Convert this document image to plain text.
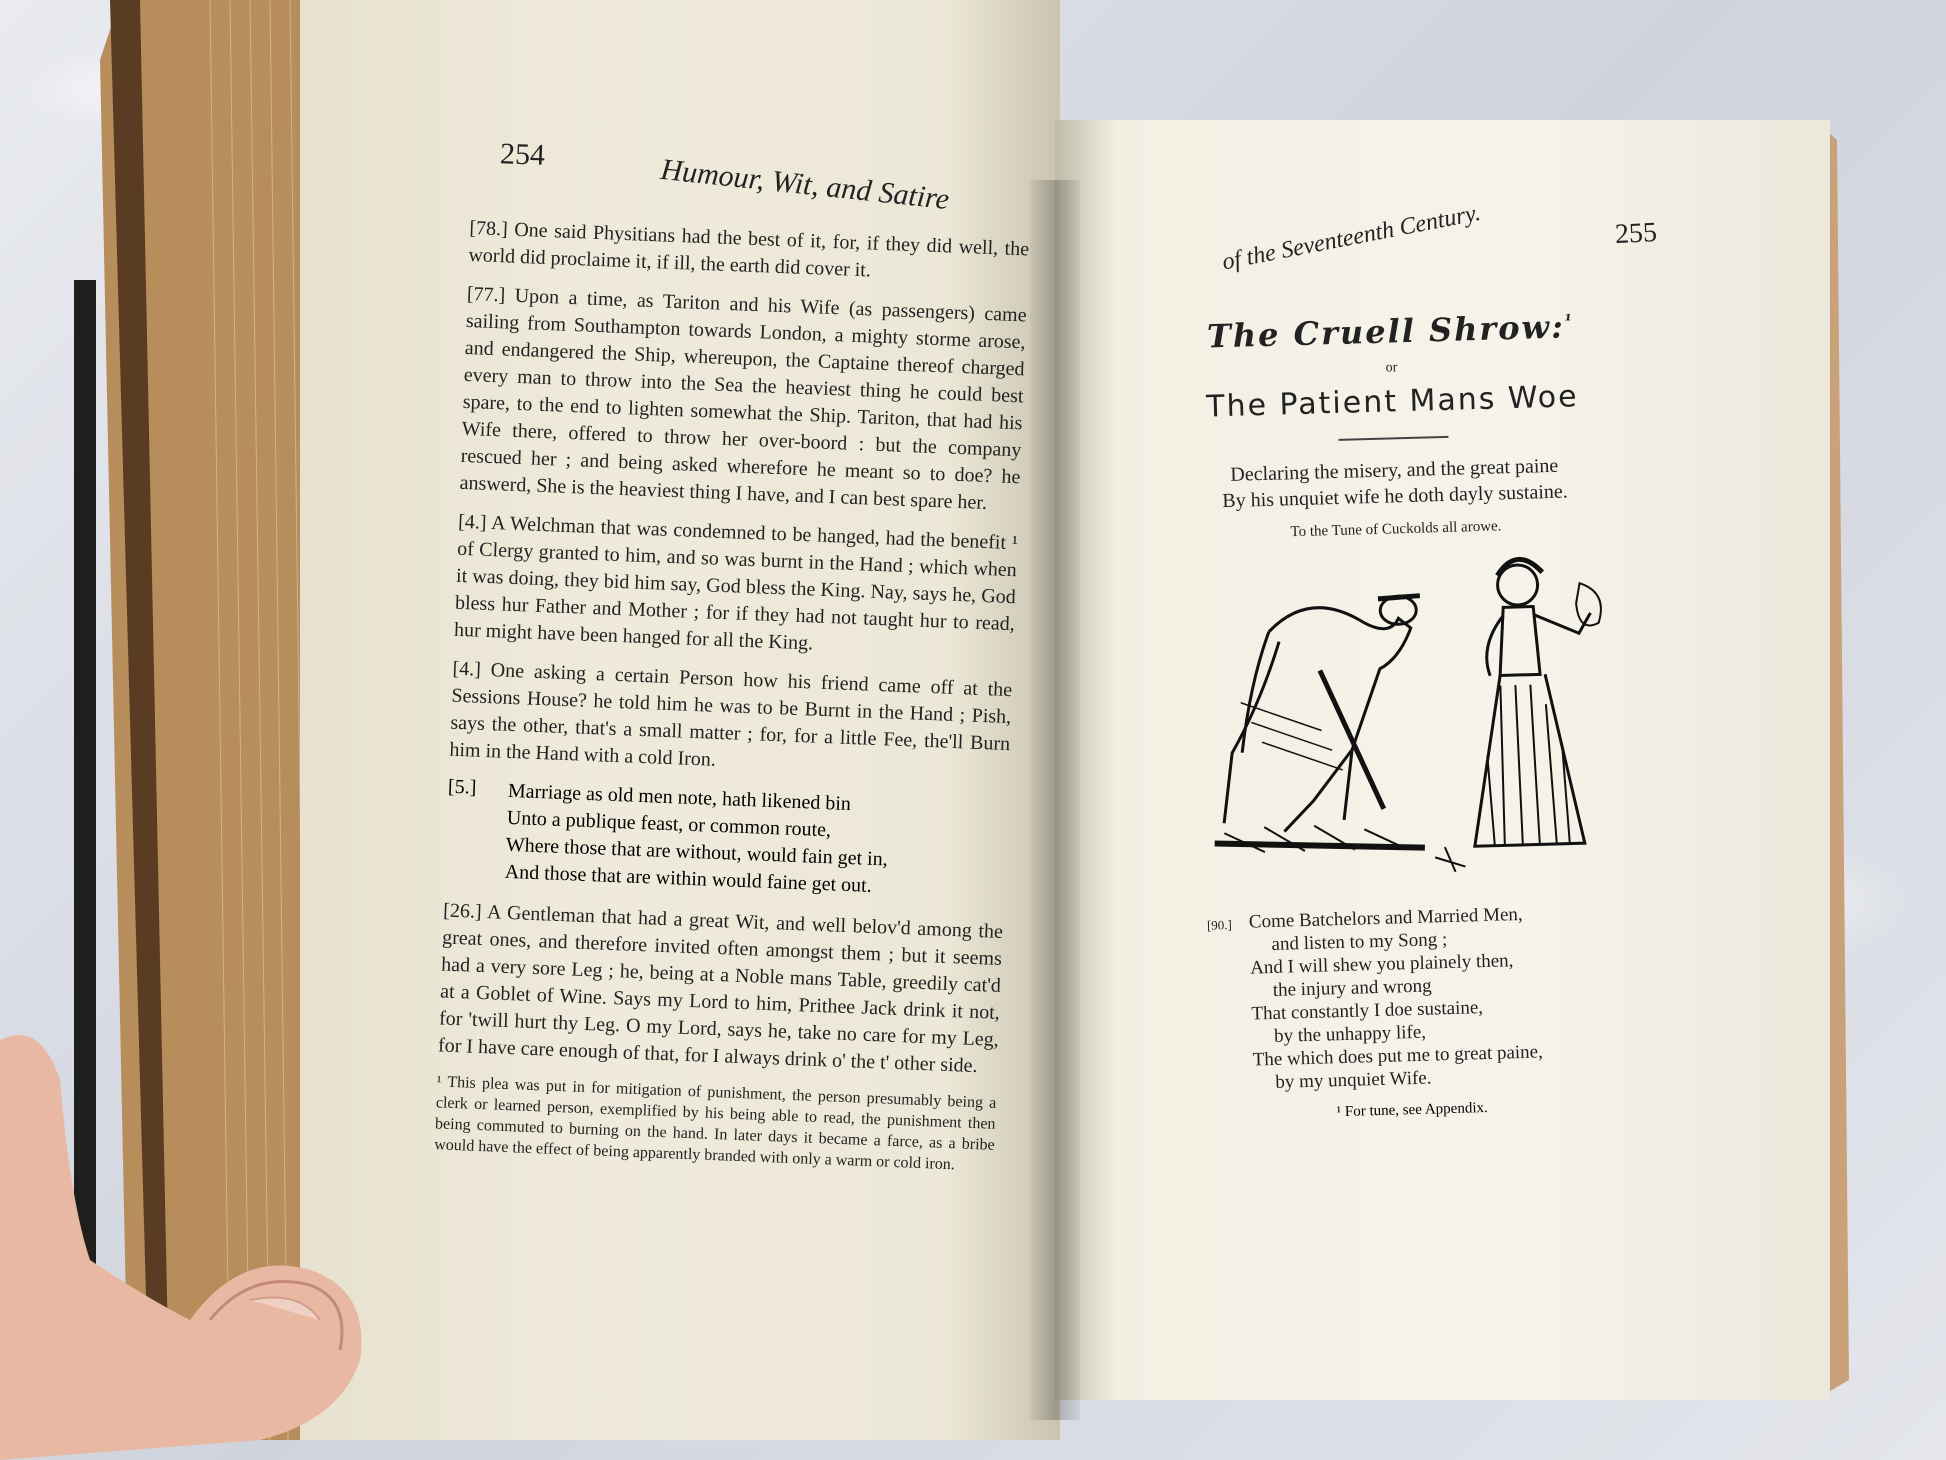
254	Humour, Wit, and Satire

[78.] One said Physitians had the best of it, for, if they did well, the world did proclaime it, if ill, the earth did cover it.

[77.] Upon a time, as Tariton and his Wife (as passengers) came sailing from Southampton towards London, a mighty storme arose, and endangered the Ship, whereupon, the Captaine thereof charged every man to throw into the Sea the heaviest thing he could best spare, to the end to lighten somewhat the Ship. Tariton, that had his Wife there, offered to throw her over-boord : but the company rescued her ; and being asked wherefore he meant so to doe? he answerd, She is the heaviest thing I have, and I can best spare her.

[4.] A Welchman that was condemned to be hanged, had the benefit ¹ of Clergy granted to him, and so was burnt in the Hand ; which when it was doing, they bid him say, God bless the King. Nay, says he, God bless hur Father and Mother ; for if they had not taught hur to read, hur might have been hanged for all the King.

[4.] One asking a certain Person how his friend came off at the Sessions House? he told him he was to be Burnt in the Hand ; Pish, says the other, that's a small matter ; for, for a little Fee, the'll Burn him in the Hand with a cold Iron.

[5.]	Marriage as old men note, hath likened bin
Unto a publique feast, or common route,
Where those that are without, would fain get in,
And those that are within would faine get out.

[26.] A Gentleman that had a great Wit, and well belov'd among the great ones, and therefore invited often amongst them ; but it seems had a very sore Leg ; he, being at a Noble mans Table, greedily cat'd at a Goblet of Wine. Says my Lord to him, Prithee Jack drink it not, for 'twill hurt thy Leg. O my Lord, says he, take no care for my Leg, for I have care enough of that, for I always drink o' the t' other side.

¹ This plea was put in for mitigation of punishment, the person presumably being a clerk or learned person, exemplified by his being able to read, the punishment then being commuted to burning on the hand. In later days it became a farce, as a bribe would have the effect of being apparently branded with only a warm or cold iron.

of the Seventeenth Century.	255
The Cruell Shrow:$^{^1}$
or
The Patient Mans Woe
Declaring the misery, and the great paine
By his unquiet wife he doth dayly sustaine.
To the Tune of Cuckolds all arowe.
[90.] Come Batchelors and Married Men,
and listen to my Song ;
And I will shew you plainely then,
the injury and wrong
That constantly I doe sustaine,
by the unhappy life,
The which does put me to great paine,
by my unquiet Wife.
¹ For tune, see Appendix.
